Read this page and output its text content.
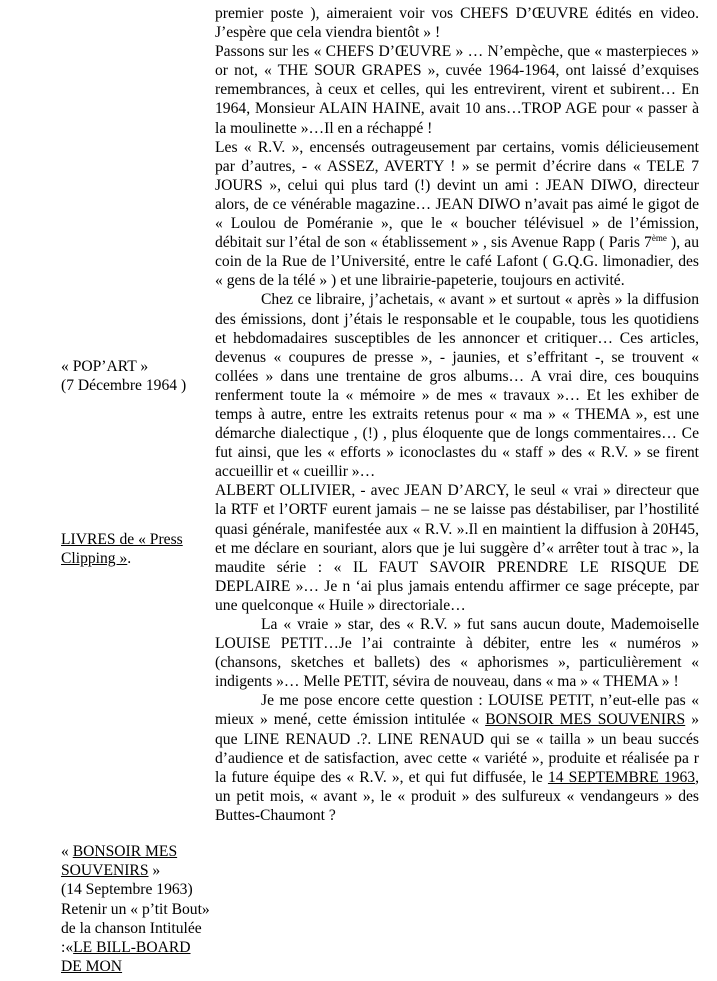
« POP’ART »

(7 Décembre 1964 )

LIVRES de « Press Clipping ».

« BONSOIR MES SOUVENIRS »

(14 Septembre 1963)

Retenir un « p’tit Bout» de la chanson Intitulée :«LE BILL-BOARD DE MON

premier poste ), aimeraient voir vos CHEFS D’ŒUVRE édités en video. J’espère que cela viendra bientôt » !

Passons sur les « CHEFS D’ŒUVRE » … N’empèche, que « masterpieces » or not, « THE SOUR GRAPES », cuvée 1964-1964, ont laissé d’exquises remembrances, à ceux et celles, qui les entrevirent, virent et subirent… En 1964, Monsieur ALAIN HAINE, avait 10 ans…TROP AGE pour « passer à la moulinette »…Il en a réchappé !

Les « R.V. », encensés outrageusement par certains, vomis délicieusement par d’autres, - « ASSEZ, AVERTY ! » se permit d’écrire dans « TELE 7 JOURS », celui qui plus tard (!) devint un ami : JEAN DIWO, directeur alors, de ce vénérable magazine… JEAN DIWO n’avait pas aimé le gigot de « Loulou de Poméranie », que le « boucher télévisuel » de l’émission, débitait sur l’étal de son « établissement » , sis Avenue Rapp ( Paris 7ème ), au coin de la Rue de l’Université, entre le café Lafont ( G.Q.G. limonadier, des « gens de la télé » ) et une librairie-papeterie, toujours en activité.

Chez ce libraire, j’achetais, « avant » et surtout « après » la diffusion des émissions, dont j’étais le responsable et le coupable, tous les quotidiens et hebdomadaires susceptibles de les annoncer et critiquer… Ces articles, devenus « coupures de presse », - jaunies, et s’effritant -, se trouvent « collées » dans une trentaine de gros albums… A vrai dire, ces bouquins renferment toute la « mémoire » de mes « travaux »… Et les exhiber de temps à autre, entre les extraits retenus pour « ma » « THEMA », est une démarche dialectique , (!) , plus éloquente que de longs commentaires… Ce fut ainsi, que les « efforts » iconoclastes du « staff » des « R.V. » se firent accueillir et « cueillir »…

ALBERT OLLIVIER, - avec JEAN D’ARCY, le seul « vrai » directeur que la RTF et l’ORTF eurent jamais – ne se laisse pas déstabiliser, par l’hostilité quasi générale, manifestée aux « R.V. ».Il en maintient la diffusion à 20H45, et me déclare en souriant, alors que je lui suggère d’« arrêter tout à trac », la maudite série : « IL FAUT SAVOIR PRENDRE LE RISQUE DE DEPLAIRE »… Je n ‘ai plus jamais entendu affirmer ce sage précepte, par une quelconque « Huile » directoriale…

La « vraie » star, des « R.V. » fut sans aucun doute, Mademoiselle LOUISE PETIT…Je l’ai contrainte à débiter, entre les « numéros » (chansons, sketches et ballets) des « aphorismes », particulièrement « indigents »… Melle PETIT, sévira de nouveau, dans « ma » « THEMA » !

Je me pose encore cette question : LOUISE PETIT, n’eut-elle pas « mieux » mené, cette émission intitulée « BONSOIR MES SOUVENIRS » que LINE RENAUD .?. LINE RENAUD qui se « tailla » un beau succés d’audience et de satisfaction, avec cette « variété », produite et réalisée pa r la future équipe des « R.V. », et qui fut diffusée, le 14 SEPTEMBRE 1963, un petit mois, « avant », le « produit » des sulfureux « vendangeurs » des Buttes-Chaumont ?
